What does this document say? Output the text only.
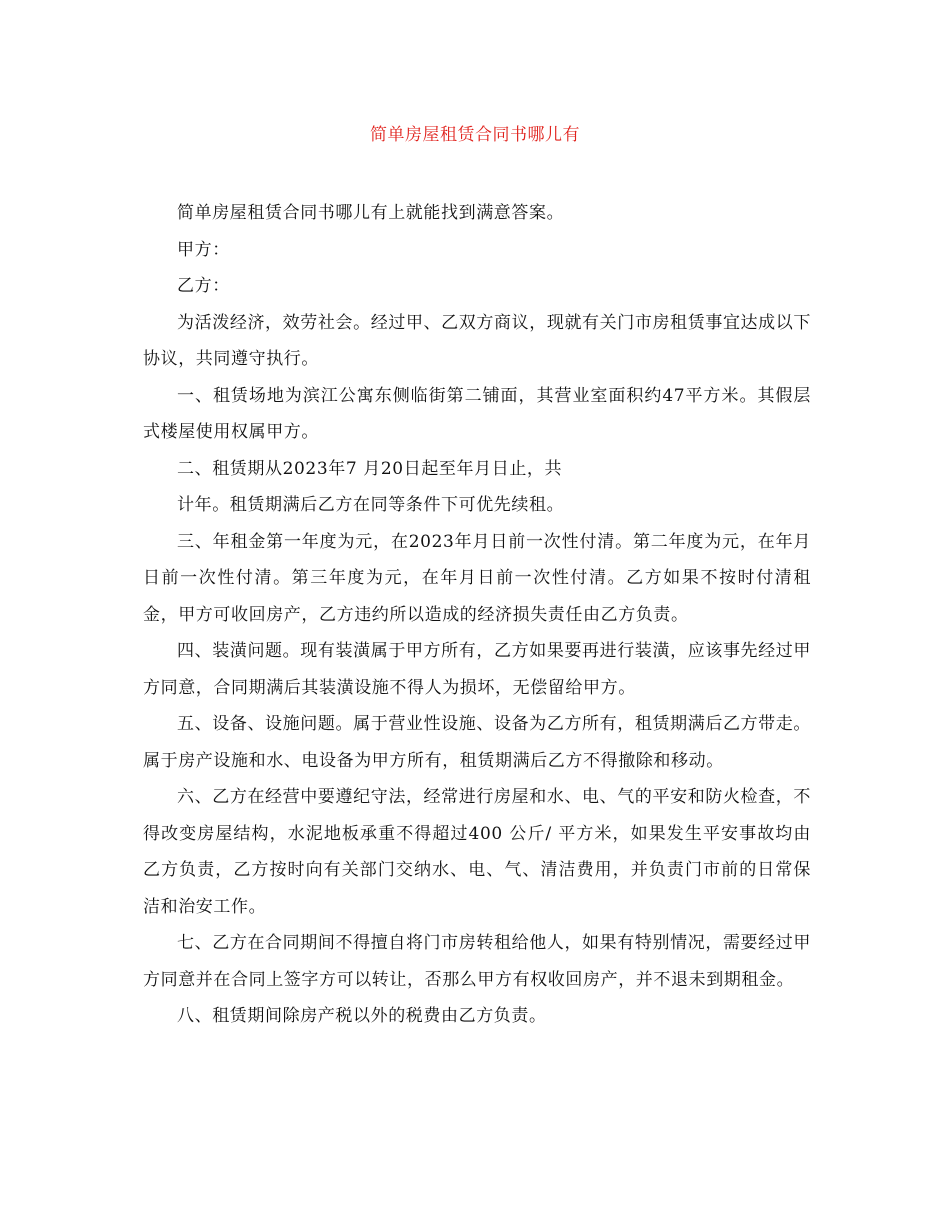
简单房屋租赁合同书哪儿有

简单房屋租赁合同书哪儿有上就能找到满意答案。

甲方：

乙方：

为活泼经济，效劳社会。经过甲、乙双方商议，现就有关门市房租赁事宜达成以下协议，共同遵守执行。

一、租赁场地为滨江公寓东侧临街第二铺面，其营业室面积约47平方米。其假层式楼屋使用权属甲方。

二、租赁期从2023年7 月20日起至年月日止，共

计年。租赁期满后乙方在同等条件下可优先续租。

三、年租金第一年度为元，在2023年月日前一次性付清。第二年度为元，在年月日前一次性付清。第三年度为元，在年月日前一次性付清。乙方如果不按时付清租金，甲方可收回房产，乙方违约所以造成的经济损失责任由乙方负责。

四、装潢问题。现有装潢属于甲方所有，乙方如果要再进行装潢，应该事先经过甲方同意，合同期满后其装潢设施不得人为损坏，无偿留给甲方。

五、设备、设施问题。属于营业性设施、设备为乙方所有，租赁期满后乙方带走。属于房产设施和水、电设备为甲方所有，租赁期满后乙方不得撤除和移动。

六、乙方在经营中要遵纪守法，经常进行房屋和水、电、气的平安和防火检查，不得改变房屋结构，水泥地板承重不得超过400 公斤/ 平方米，如果发生平安事故均由乙方负责，乙方按时向有关部门交纳水、电、气、清洁费用，并负责门市前的日常保洁和治安工作。

七、乙方在合同期间不得擅自将门市房转租给他人，如果有特别情况，需要经过甲方同意并在合同上签字方可以转让，否那么甲方有权收回房产，并不退未到期租金。

八、租赁期间除房产税以外的税费由乙方负责。
